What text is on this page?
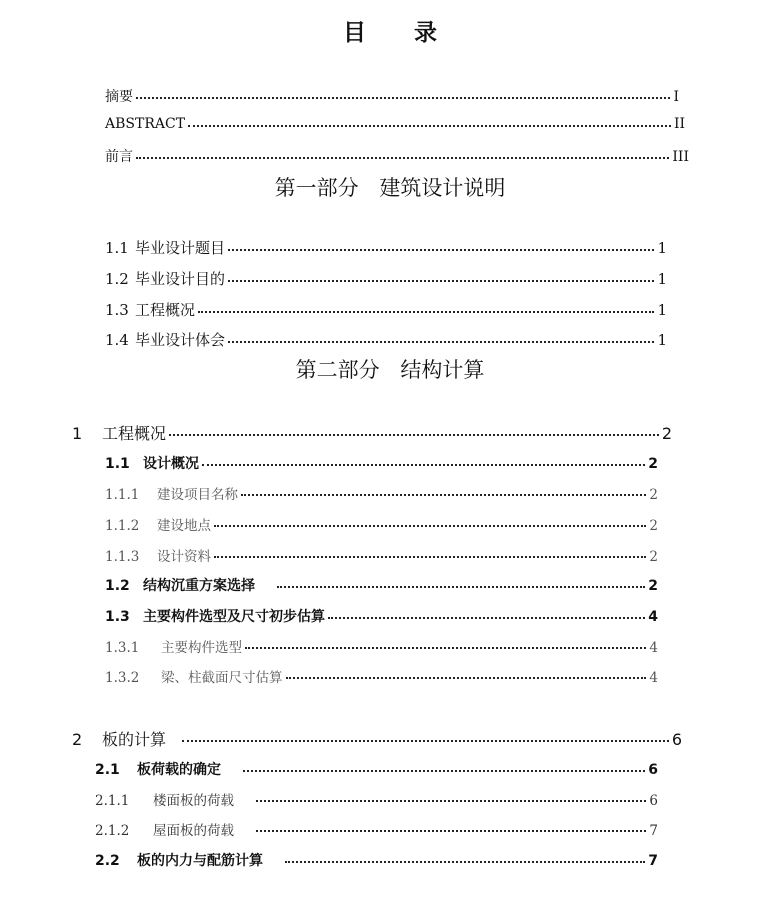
目 录
摘要	I
ABSTRACT	II
前言	III
第一部分 建筑设计说明
1.1 毕业设计题目	1
1.2 毕业设计目的	1
1.3 工程概况	1
1.4 毕业设计体会	1
第二部分 结构计算
1 工程概况	2
1.1 设计概况	2
1.1.1 建设项目名称	2
1.1.2 建设地点	2
1.1.3 设计资料	2
1.2 结构沉重方案选择	2
1.3 主要构件选型及尺寸初步估算	4
1.3.1 主要构件选型	4
1.3.2 梁、柱截面尺寸估算	4
2 板的计算	6
2.1 板荷载的确定	6
2.1.1 楼面板的荷载	6
2.1.2 屋面板的荷载	7
2.2 板的内力与配筋计算	7
